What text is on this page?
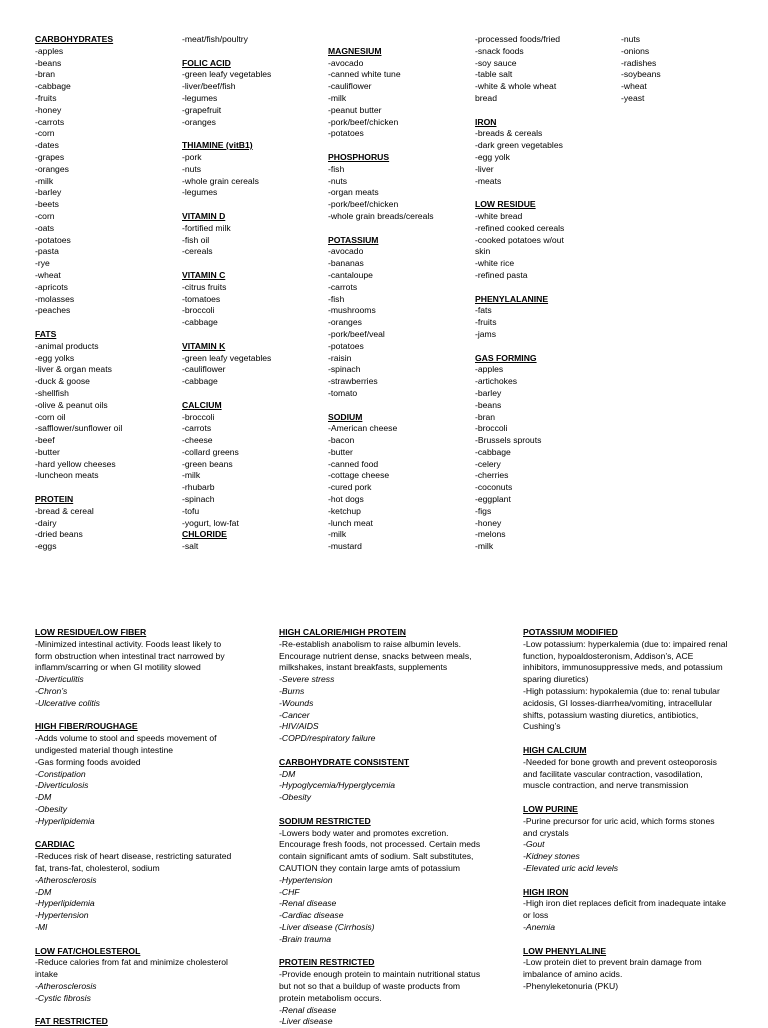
CARBOHYDRATES
-apples
-beans
-bran
-cabbage
-fruits
-honey
-carrots
-corn
-dates
-grapes
-oranges
-milk
-barley
-beets
-corn
-oats
-potatoes
-pasta
-rye
-wheat
-apricots
-molasses
-peaches
FATS
-animal products
-egg yolks
-liver & organ meats
-duck & goose
-shellfish
-olive & peanut oils
-corn oil
-safflower/sunflower oil
-beef
-butter
-hard yellow cheeses
-luncheon meats
PROTEIN
-bread & cereal
-dairy
-dried beans
-eggs
-meat/fish/poultry
FOLIC ACID
-green leafy vegetables
-liver/beef/fish
-legumes
-grapefruit
-oranges
THIAMINE (vitB1)
-pork
-nuts
-whole grain cereals
-legumes
VITAMIN D
-fortified milk
-fish oil
-cereals
VITAMIN C
-citrus fruits
-tomatoes
-broccoli
-cabbage
VITAMIN K
-green leafy vegetables
-cauliflower
-cabbage
CALCIUM
-broccoli
-carrots
-cheese
-collard greens
-green beans
-milk
-rhubarb
-spinach
-tofu
-yogurt, low-fat
CHLORIDE
-salt
MAGNESIUM
-avocado
-canned white tune
-cauliflower
-milk
-peanut butter
-pork/beef/chicken
-potatoes
PHOSPHORUS
-fish
-nuts
-organ meats
-pork/beef/chicken
-whole grain breads/cereals
POTASSIUM
-avocado
-bananas
-cantaloupe
-carrots
-fish
-mushrooms
-oranges
-pork/beef/veal
-potatoes
-raisin
-spinach
-strawberries
-tomato
SODIUM
-American cheese
-bacon
-butter
-canned food
-cottage cheese
-cured pork
-hot dogs
-ketchup
-lunch meat
-milk
-mustard
-processed foods/fried
-snack foods
-soy sauce
-table salt
-white & whole wheat
bread
IRON
-breads & cereals
-dark green vegetables
-egg yolk
-liver
-meats
LOW RESIDUE
-white bread
-refined cooked cereals
-cooked potatoes w/out
skin
-white rice
-refined pasta
PHENYLALANINE
-fats
-fruits
-jams
GAS FORMING
-apples
-artichokes
-barley
-beans
-bran
-broccoli
-Brussels sprouts
-cabbage
-celery
-cherries
-coconuts
-eggplant
-figs
-honey
-melons
-milk
-nuts
-onions
-radishes
-soybeans
-wheat
-yeast
LOW RESIDUE/LOW FIBER
-Minimized intestinal activity. Foods least likely to form obstruction when intestinal tract narrowed by inflamm/scarring or when GI motility slowed
-Diverticulitis
-Chron’s
-Ulcerative colitis
HIGH FIBER/ROUGHAGE
-Adds volume to stool and speeds movement of undigested material though intestine
-Gas forming foods avoided
-Constipation
-Diverticulosis
-DM
-Obesity
-Hyperlipidemia
CARDIAC
-Reduces risk of heart disease, restricting saturated fat, trans-fat, cholesterol, sodium
-Atherosclerosis
-DM
-Hyperlipidemia
-Hypertension
-MI
LOW FAT/CHOLESTEROL
-Reduce calories from fat and minimize cholesterol intake
-Atherosclerosis
-Cystic fibrosis
FAT RESTRICTED
HIGH CALORIE/HIGH PROTEIN
-Re-establish anabolism to raise albumin levels. Encourage nutrient dense, snacks between meals, milkshakes, instant breakfasts, supplements
-Severe stress
-Burns
-Wounds
-Cancer
-HIV/AIDS
-COPD/respiratory failure
CARBOHYDRATE CONSISTENT
-DM
-Hypoglycemia/Hyperglycemia
-Obesity
SODIUM RESTRICTED
-Lowers body water and promotes excretion. Encourage fresh foods, not processed. Certain meds contain significant amts of sodium. Salt substitutes, CAUTION they contain large amts of potassium
-Hypertension
-CHF
-Renal disease
-Cardiac disease
-Liver disease (Cirrhosis)
-Brain trauma
PROTEIN RESTRICTED
-Provide enough protein to maintain nutritional status but not so that a buildup of waste products from protein metabolism occurs.
-Renal disease
-Liver disease
POTASSIUM MODIFIED
-Low potassium: hyperkalemia (due to: impaired renal function, hypoaldosteronism, Addison’s, ACE inhibitors, immunosuppressive meds, and potassium sparing diuretics)
-High potassium: hypokalemia (due to: renal tubular acidosis, GI losses-diarrhea/vomiting, intracellular shifts, potassium wasting diuretics, antibiotics, Cushing’s
HIGH CALCIUM
-Needed for bone growth and prevent osteoporosis and facilitate vascular contraction, vasodilation, muscle contraction, and nerve transmission
LOW PURINE
-Purine precursor for uric acid, which forms stones and crystals
-Gout
-Kidney stones
-Elevated uric acid levels
HIGH IRON
-High iron diet replaces deficit from inadequate intake or loss
-Anemia
LOW PHENYLALINE
-Low protein diet to prevent brain damage from imbalance of amino acids.
-Phenyleketonuria (PKU)
